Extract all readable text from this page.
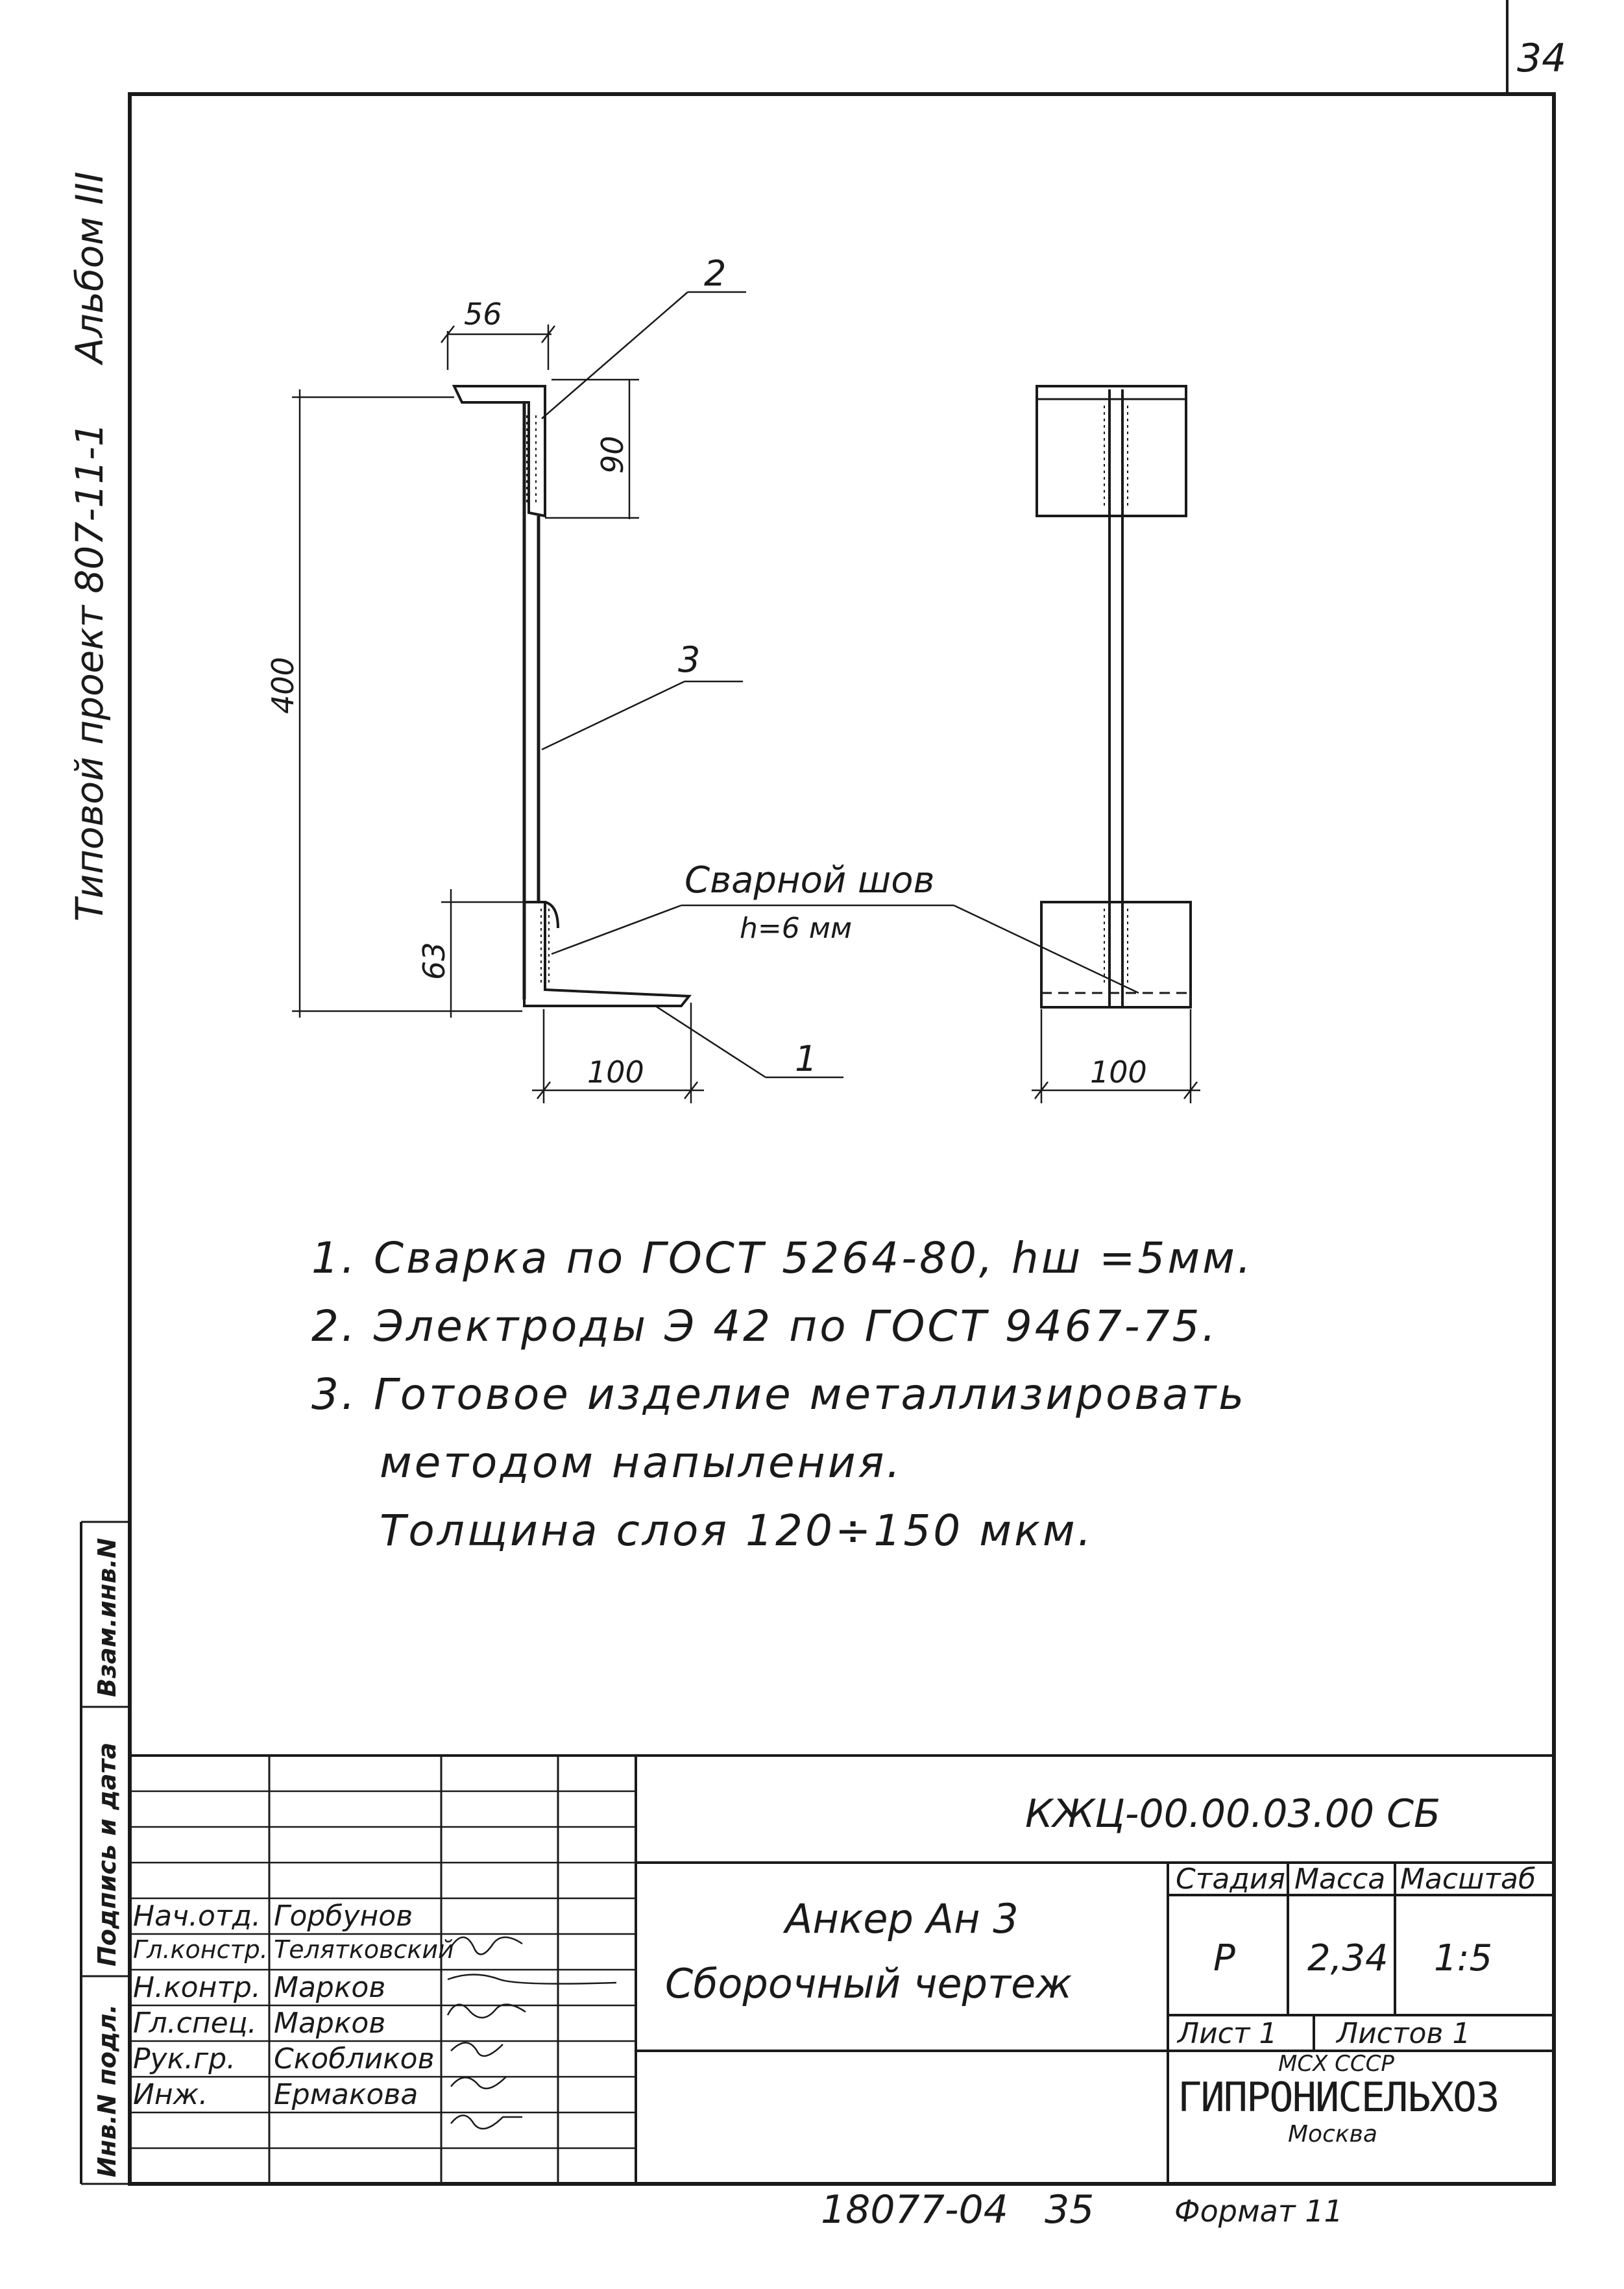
56
90
400
63
100	100
2
3
1
Сварной шов
h=6 мм
Типовой проект 807-11-1
Альбом III
Инв.N подл.
Подпись и дата
Взам.инв.N
34
1. Сварка по ГОСТ 5264-80, hш =5мм.
2. Электроды Э 42 по ГОСТ 9467-75.
3. Готовое изделие металлизировать
методом напыления.
Толщина слоя 120÷150 мкм.
КЖЦ-00.00.03.00 СБ
Анкер Ан 3
Сборочный чертеж
Стадия Масса Масштаб
Р 2,34 1:5
Лист 1 Листов 1
МСХ СССР
ГИПРОНИСЕЛЬХОЗ
Москва
Нач.отд. Горбунов
Гл.констр. Телятковский
Н.контр. Марков
Гл.спец. Марков
Рук.гр. Скобликов
Инж. Ермакова
18077-04 35	Формат 11
